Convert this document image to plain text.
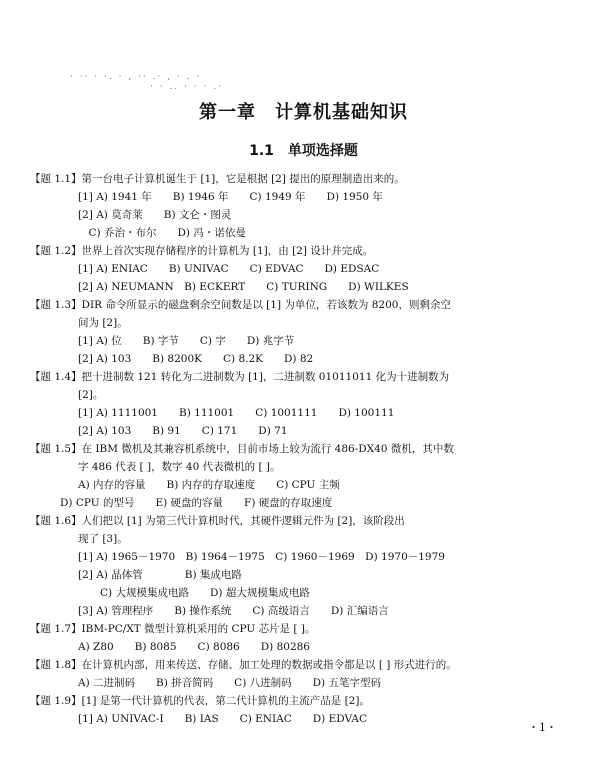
· ·· · ·. · , ·· .· , · . ·
· · .. · · · .·
第一章　计算机基础知识
1.1　单项选择题
【题 1.1】第一台电子计算机诞生于 [1]，它是根据 [2] 提出的原理制造出来的。
[1] A) 1941 年　　B) 1946 年　　C) 1949 年　　D) 1950 年
[2] A) 莫奇莱　　B) 文仑・图灵
　C) 乔治・布尔　　D) 冯・诺依曼
【题 1.2】世界上首次实现存储程序的计算机为 [1]，由 [2] 设计并完成。
[1] A) ENIAC　　B) UNIVAC　　C) EDVAC　　D) EDSAC
[2] A) NEUMANN　B) ECKERT　　C) TURING　　D) WILKES
【题 1.3】DIR 命令所显示的磁盘剩余空间数是以 [1] 为单位，若该数为 8200，则剩余空
间为 [2]。
[1] A) 位　　B) 字节　　C) 字　　D) 兆字节
[2] A) 103　　B) 8200K　　C) 8.2K　　D) 82
【题 1.4】把十进制数 121 转化为二进制数为 [1]，二进制数 01011011 化为十进制数为
[2]。
[1] A) 1111001　　B) 111001　　C) 1001111　　D) 100111
[2] A) 103　　B) 91　　C) 171　　D) 71
【题 1.5】在 IBM 微机及其兼容机系统中，目前市场上较为流行 486-DX40 微机，其中数
字 486 代表 [ ]，数字 40 代表微机的 [ ]。
A) 内存的容量　　B) 内存的存取速度　　C) CPU 主频
D) CPU 的型号　　E) 硬盘的容量　　F) 硬盘的存取速度
【题 1.6】人们把以 [1] 为第三代计算机时代，其硬件逻辑元件为 [2]，该阶段出
现了 [3]。
[1] A) 1965－1970　B) 1964－1975　C) 1960－1969　D) 1970－1979
[2] A) 晶体管　　　　B) 集成电路
C) 大规模集成电路　　D) 超大规模集成电路
[3] A) 管理程序　　B) 操作系统　　C) 高级语言　　D) 汇编语言
【题 1.7】IBM-PC/XT 微型计算机采用的 CPU 芯片是 [ ]。
A) Z80　　B) 8085　　C) 8086　　D) 80286
【题 1.8】在计算机内部，用来传送、存储、加工处理的数据或指令都是以 [ ] 形式进行的。
A) 二进制码　　B) 拼音简码　　C) 八进制码　　D) 五笔字型码
【题 1.9】[1] 是第一代计算机的代表，第二代计算机的主流产品是 [2]。
[1] A) UNIVAC-I　　B) IAS　　C) ENIAC　　D) EDVAC
・1・
